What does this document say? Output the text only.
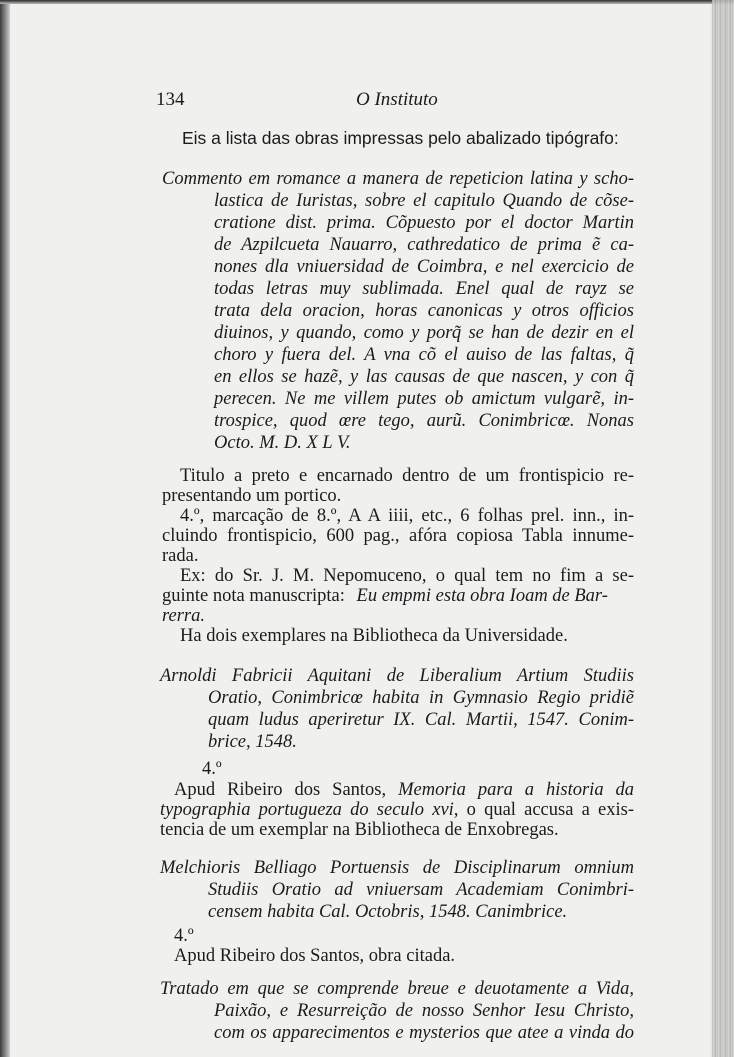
134	O Instituto
Eis a lista das obras impressas pelo abalizado tipógrafo:
Commento em romance a manera de repeticion latina y scho-
lastica de Iuristas, sobre el capitulo Quando de cõse-
cratione dist. prima. Cõpuesto por el doctor Martin
de Azpilcueta Nauarro, cathredatico de prima ẽ ca-
nones dla vniuersidad de Coimbra, e nel exercicio de
todas letras muy sublimada. Enel qual de rayz se
trata dela oracion, horas canonicas y otros officios
diuinos, y quando, como y porq̃ se han de dezir en el
choro y fuera del. A vna cõ el auiso de las faltas, q̃
en ellos se hazẽ, y las causas de que nascen, y con q̃
perecen. Ne me villem putes ob amictum vulgarẽ, in-
trospice, quod œre tego, aurũ. Conimbricœ. Nonas
Octo. M. D. X L V.
Titulo a preto e encarnado dentro de um frontispicio re-
presentando um portico.
4.º, marcação de 8.º, A A iiii, etc., 6 folhas prel. inn., in-
cluindo frontispicio, 600 pag., afóra copiosa Tabla innume-
rada.
Ex: do Sr. J. M. Nepomuceno, o qual tem no fim a se-
guinte nota manuscripta: Eu empmi esta obra Ioam de Bar-
rerra.
Ha dois exemplares na Bibliotheca da Universidade.
Arnoldi Fabricii Aquitani de Liberalium Artium Studiis
Oratio, Conimbricœ habita in Gymnasio Regio pridiẽ
quam ludus aperiretur IX. Cal. Martii, 1547. Conim-
brice, 1548.
4.º
Apud Ribeiro dos Santos, Memoria para a historia da
typographia portugueza do seculo xvi, o qual accusa a exis-
tencia de um exemplar na Bibliotheca de Enxobregas.
Melchioris Belliago Portuensis de Disciplinarum omnium
Studiis Oratio ad vniuersam Academiam Conimbri-
censem habita Cal. Octobris, 1548. Canimbrice.
4.º
Apud Ribeiro dos Santos, obra citada.
Tratado em que se comprende breue e deuotamente a Vida,
Paixão, e Resurreição de nosso Senhor Iesu Christo,
com os apparecimentos e mysterios que atee a vinda do
